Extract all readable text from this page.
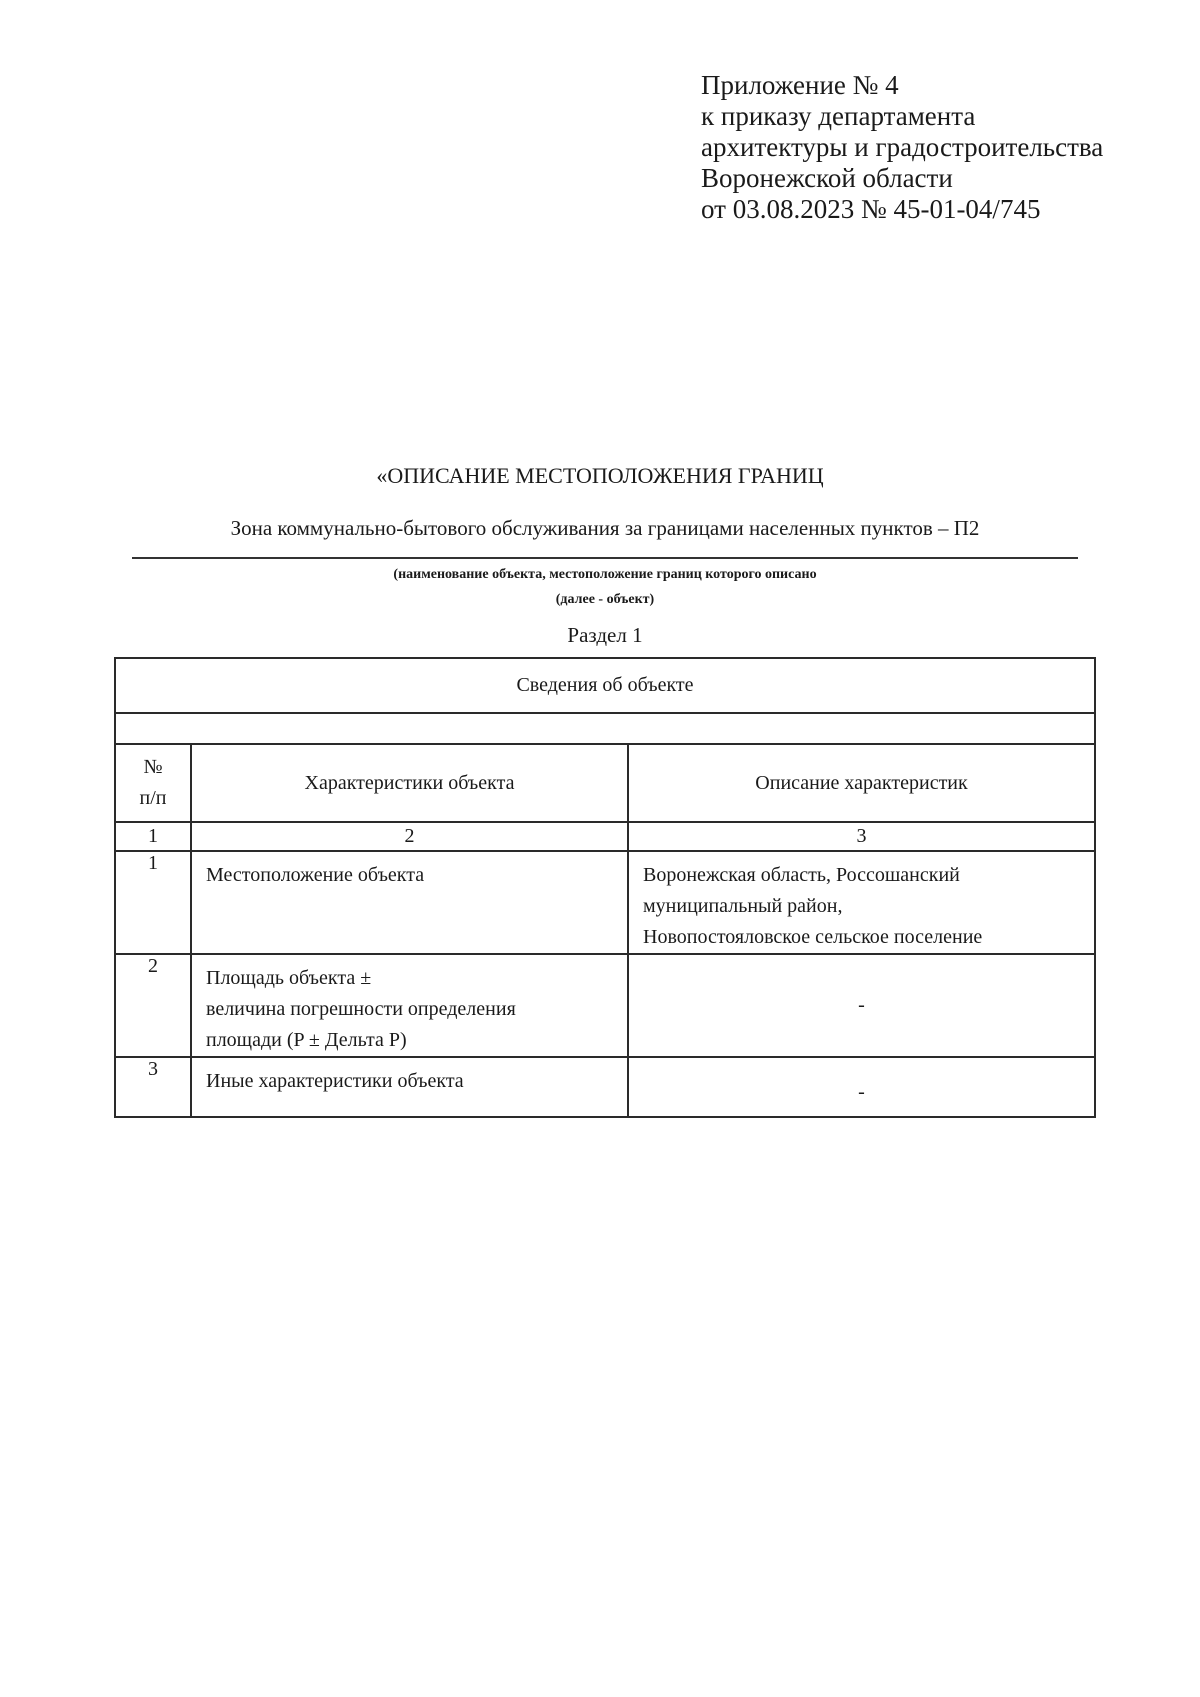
Приложение № 4
к приказу департамента
архитектуры и градостроительства
Воронежской области
от 03.08.2023 № 45-01-04/745
«ОПИСАНИЕ МЕСТОПОЛОЖЕНИЯ ГРАНИЦ
Зона коммунально-бытового обслуживания за границами населенных пунктов – П2
(наименование объекта, местоположение границ которого описано
(далее - объект)
Раздел 1
Сведения об объекте		

№
п/п	Характеристики объекта	Описание характеристик
1	2	3
1	Местоположение объекта	Воронежская область, Россошанский
муниципальный район,
Новопостояловское сельское поселение

2	Площадь объекта ±
величина погрешности определения
площади (P ± Дельта P)	-
3	Иные характеристики объекта	-
